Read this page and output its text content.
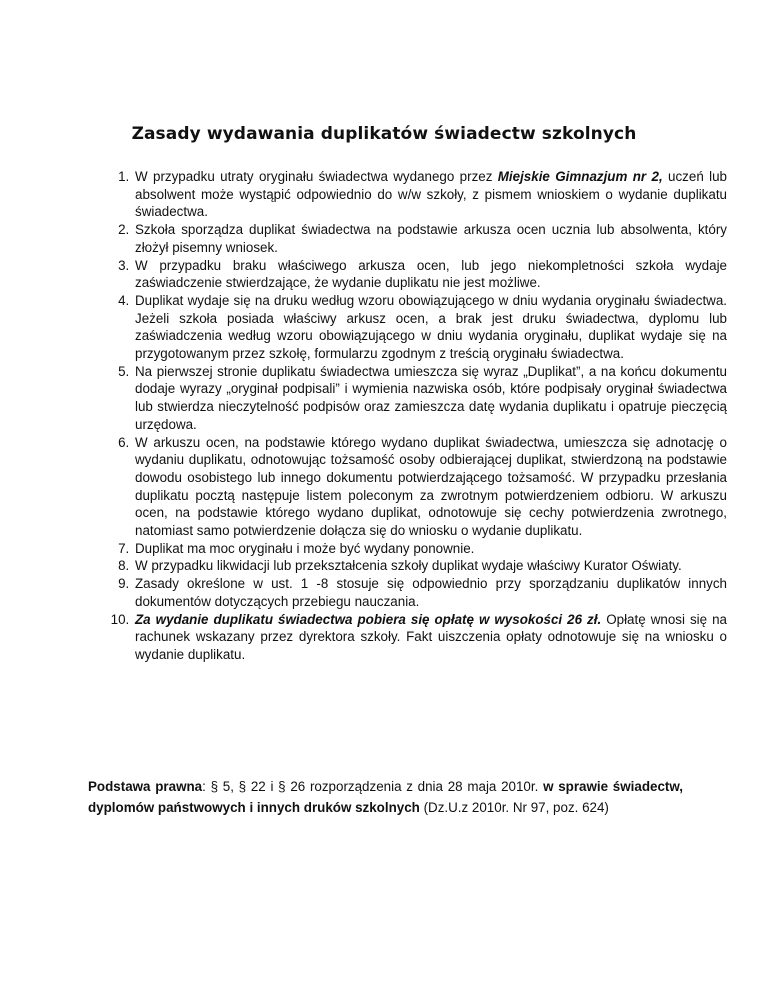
Zasady wydawania duplikatów świadectw szkolnych
1. W przypadku utraty oryginału świadectwa wydanego przez Miejskie Gimnazjum nr 2, uczeń lub absolwent może wystąpić odpowiednio do w/w szkoły, z pismem wnioskiem o wydanie duplikatu świadectwa.
2. Szkoła sporządza duplikat świadectwa na podstawie arkusza ocen ucznia lub absolwenta, który złożył pisemny wniosek.
3. W przypadku braku właściwego arkusza ocen, lub jego niekompletności szkoła wydaje zaświadczenie stwierdzające, że wydanie duplikatu nie jest możliwe.
4. Duplikat wydaje się na druku według wzoru obowiązującego w dniu wydania oryginału świadectwa. Jeżeli szkoła posiada właściwy arkusz ocen, a brak jest druku świadectwa, dyplomu lub zaświadczenia według wzoru obowiązującego w dniu wydania oryginału, duplikat wydaje się na przygotowanym przez szkołę, formularzu zgodnym z treścią oryginału świadectwa.
5. Na pierwszej stronie duplikatu świadectwa umieszcza się wyraz „Duplikat”, a na końcu dokumentu dodaje wyrazy „oryginał podpisali” i wymienia nazwiska osób, które podpisały oryginał świadectwa lub stwierdza nieczytelność podpisów oraz zamieszcza datę wydania duplikatu i opatruje pieczęcią urzędowa.
6. W arkuszu ocen, na podstawie którego wydano duplikat świadectwa, umieszcza się adnotację o wydaniu duplikatu, odnotowując tożsamość osoby odbierającej duplikat, stwierdzoną na podstawie dowodu osobistego lub innego dokumentu potwierdzającego tożsamość. W przypadku przesłania duplikatu pocztą następuje listem poleconym za zwrotnym potwierdzeniem odbioru. W arkuszu ocen, na podstawie którego wydano duplikat, odnotowuje się cechy potwierdzenia zwrotnego, natomiast samo potwierdzenie dołącza się do wniosku o wydanie duplikatu.
7. Duplikat ma moc oryginału i może być wydany ponownie.
8. W przypadku likwidacji lub przekształcenia szkoły duplikat wydaje właściwy Kurator Oświaty.
9. Zasady określone w ust. 1 -8 stosuje się odpowiednio przy sporządzaniu duplikatów innych dokumentów dotyczących przebiegu nauczania.
10. Za wydanie duplikatu świadectwa pobiera się opłatę w wysokości 26 zł. Opłatę wnosi się na rachunek wskazany przez dyrektora szkoły. Fakt uiszczenia opłaty odnotowuje się na wniosku o wydanie duplikatu.

Podstawa prawna: § 5, § 22 i § 26 rozporządzenia z dnia 28 maja 2010r. w sprawie świadectw, dyplomów państwowych i innych druków szkolnych (Dz.U.z 2010r. Nr 97, poz. 624)
